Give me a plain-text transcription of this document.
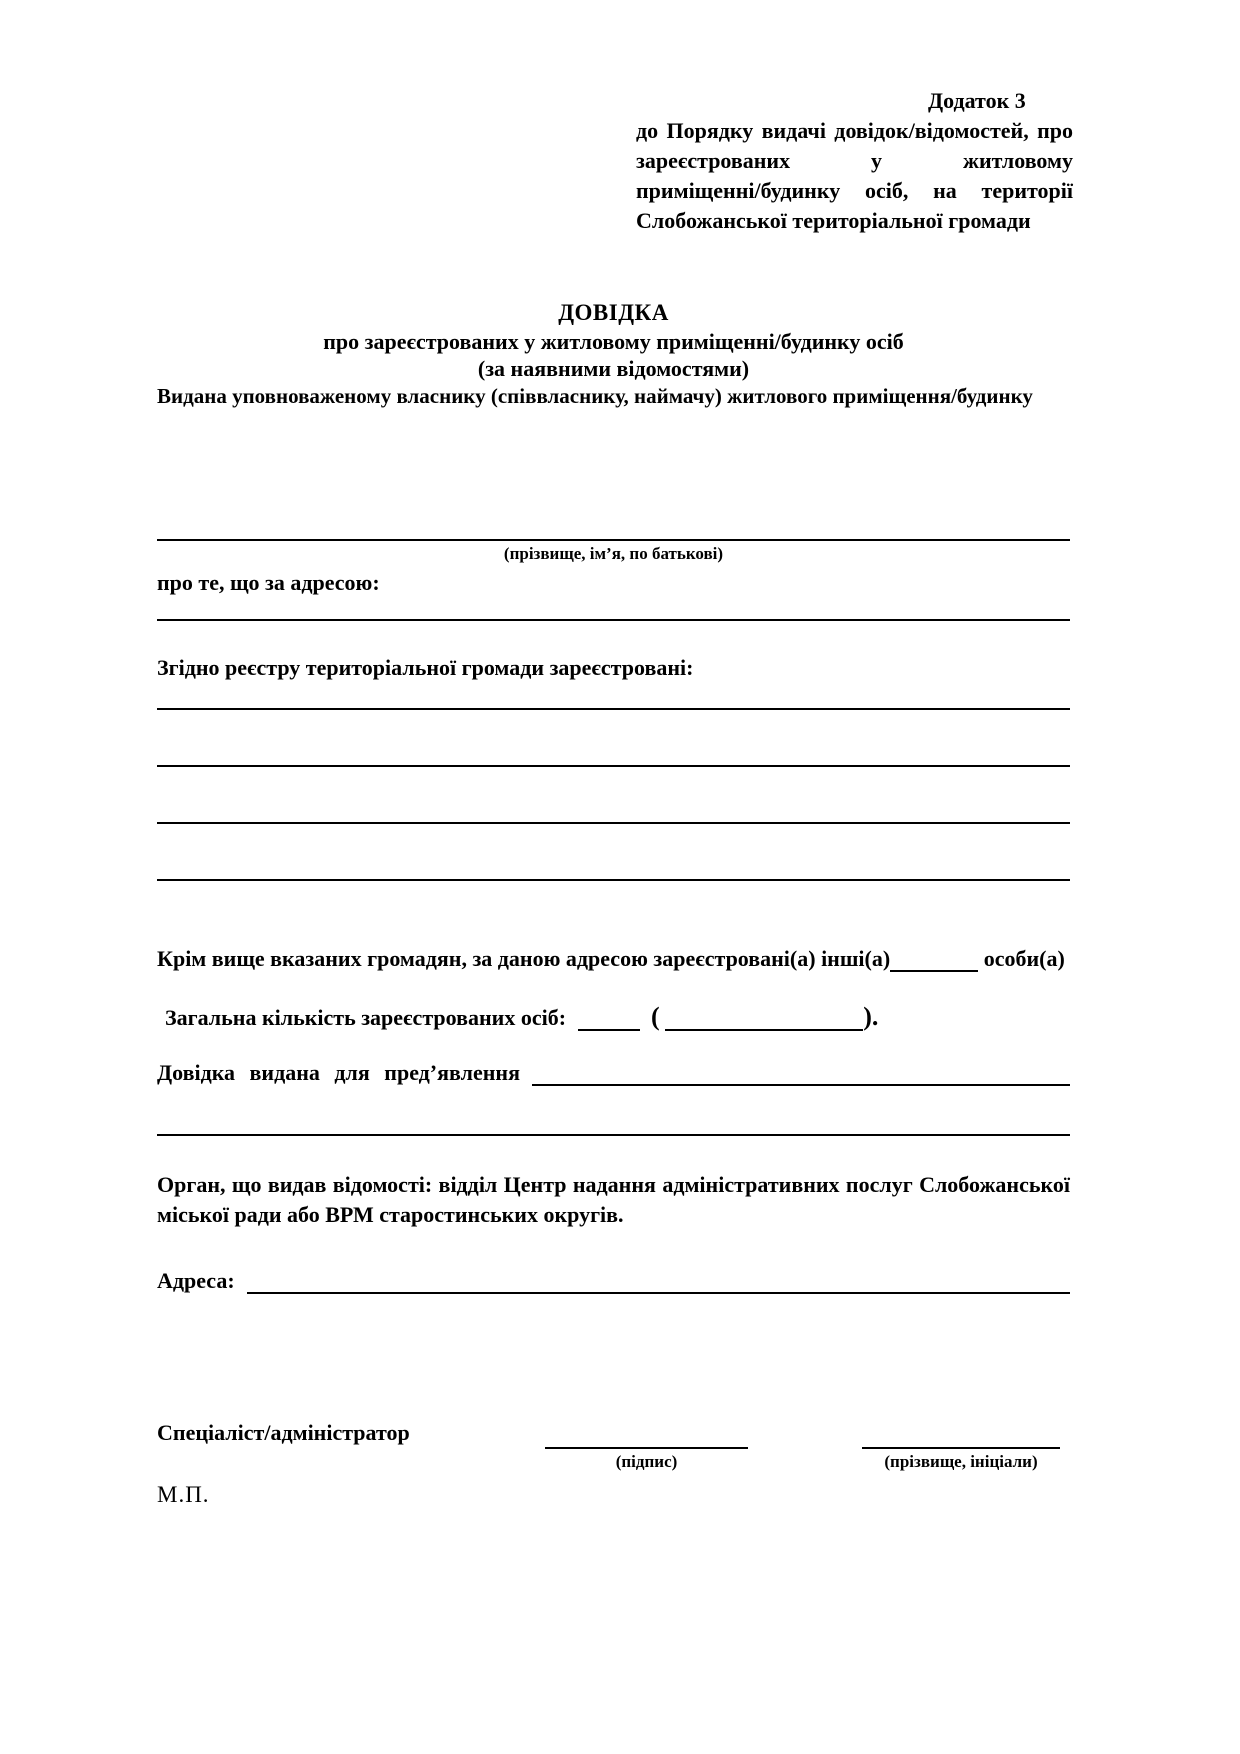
Додаток 3
до Порядку видачі довідок/відомостей, про
зареєстрованих у житловому
приміщенні/будинку осіб, на території
Слобожанської територіальної громади
ДОВІДКА
про зареєстрованих у житловому приміщенні/будинку осіб
(за наявними відомостями)
Видана уповноваженому власнику (співвласнику, наймачу) житлового приміщення/будинку
(прізвище, ім’я, по батькові)
про те, що за адресою:
Згідно реєстру територіальної громади зареєстровані:
Крім вище вказаних громадян, за даною адресою зареєстровані(а) інші(а)	особи(а)
Загальна кількість зареєстрованих осіб:	(	).
Довідка видана для пред’явлення
Орган, що видав відомості: відділ Центр надання адміністративних послуг Слобожанської міської ради або ВРМ старостинських округів.
Адреса:
Спеціаліст/адміністратор
(підпис)	(прізвище, ініціали)
М.П.
